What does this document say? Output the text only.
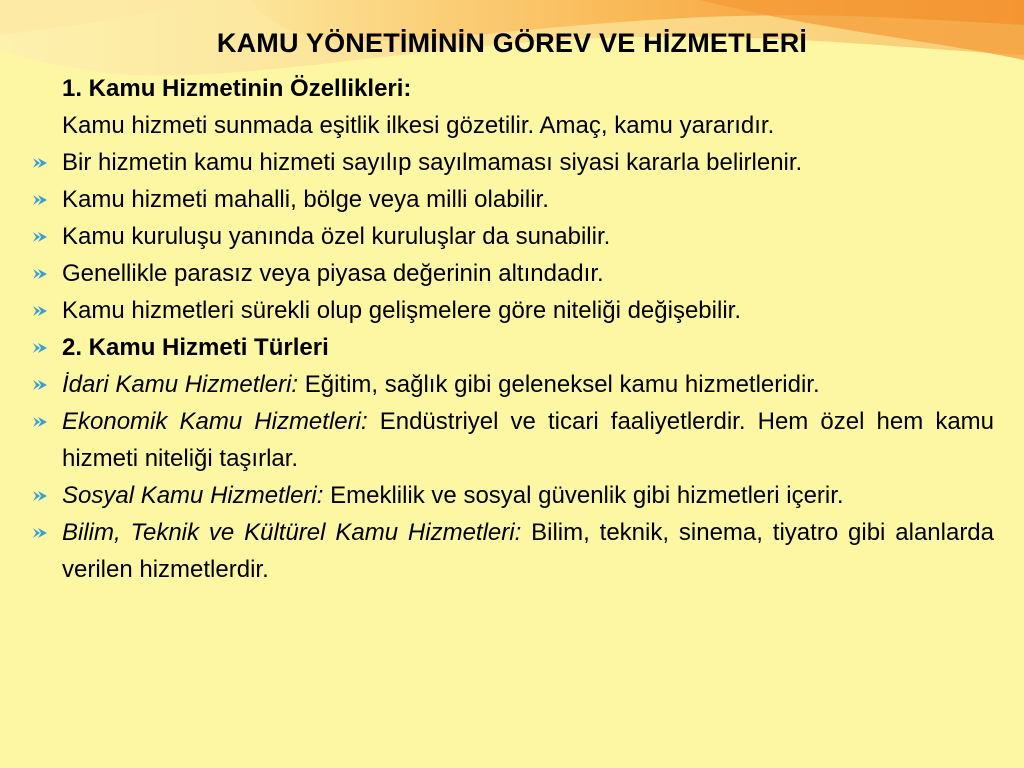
KAMU YÖNETİMİNİN GÖREV VE HİZMETLERİ
1. Kamu Hizmetinin Özellikleri:
Kamu hizmeti sunmada eşitlik ilkesi gözetilir. Amaç, kamu yararıdır.
Bir hizmetin kamu hizmeti sayılıp sayılmaması siyasi kararla belirlenir.
Kamu hizmeti mahalli, bölge veya milli olabilir.
Kamu kuruluşu yanında özel kuruluşlar da sunabilir.
Genellikle parasız veya piyasa değerinin altındadır.
Kamu hizmetleri sürekli olup gelişmelere göre niteliği değişebilir.
2. Kamu Hizmeti Türleri
İdari Kamu Hizmetleri: Eğitim, sağlık gibi geleneksel kamu hizmetleridir.
Ekonomik Kamu Hizmetleri: Endüstriyel ve ticari faaliyetlerdir. Hem özel hem kamu hizmeti niteliği taşırlar.
Sosyal Kamu Hizmetleri: Emeklilik ve sosyal güvenlik gibi hizmetleri içerir.
Bilim, Teknik ve Kültürel Kamu Hizmetleri: Bilim, teknik, sinema, tiyatro gibi alanlarda verilen hizmetlerdir.
